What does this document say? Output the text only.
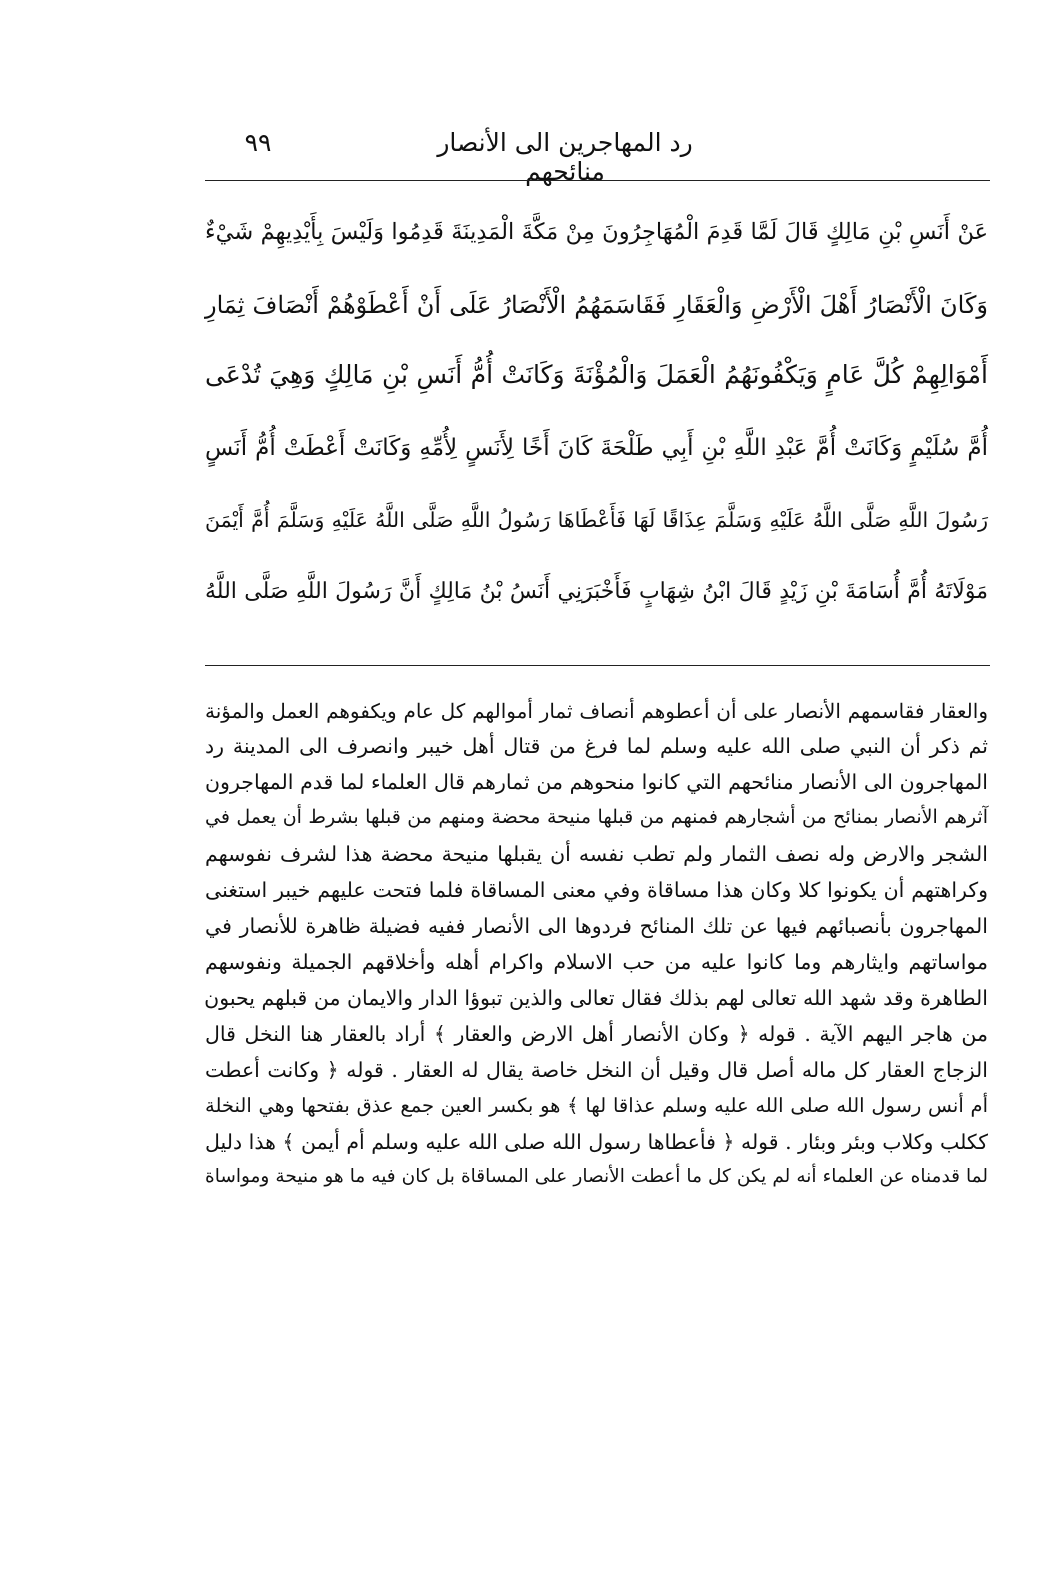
رد المهاجرين الى الأنصار منائحهم
٩٩
عَنْ أَنَسِ بْنِ مَالِكٍ قَالَ لَمَّا قَدِمَ الْمُهَاجِرُونَ مِنْ مَكَّةَ الْمَدِينَةَ قَدِمُوا وَلَيْسَ بِأَيْدِيهِمْ شَيْءٌ
وَكَانَ الْأَنْصَارُ أَهْلَ الْأَرْضِ وَالْعَقَارِ فَقَاسَمَهُمُ الْأَنْصَارُ عَلَى أَنْ أَعْطَوْهُمْ أَنْصَافَ ثِمَارِ
أَمْوَالِهِمْ كُلَّ عَامٍ وَيَكْفُونَهُمُ الْعَمَلَ وَالْمُؤْنَةَ وَكَانَتْ أُمُّ أَنَسِ بْنِ مَالِكٍ وَهِيَ تُدْعَى
أُمَّ سُلَيْمٍ وَكَانَتْ أُمَّ عَبْدِ اللَّهِ بْنِ أَبِي طَلْحَةَ كَانَ أَخًا لِأَنَسٍ لِأُمِّهِ وَكَانَتْ أَعْطَتْ أُمُّ أَنَسٍ
رَسُولَ اللَّهِ صَلَّى اللَّهُ عَلَيْهِ وَسَلَّمَ عِذَاقًا لَهَا فَأَعْطَاهَا رَسُولُ اللَّهِ صَلَّى اللَّهُ عَلَيْهِ وَسَلَّمَ أُمَّ أَيْمَنَ
مَوْلَاتَهُ أُمَّ أُسَامَةَ بْنِ زَيْدٍ قَالَ ابْنُ شِهَابٍ فَأَخْبَرَنِي أَنَسُ بْنُ مَالِكٍ أَنَّ رَسُولَ اللَّهِ صَلَّى اللَّهُ
والعقار فقاسمهم الأنصار على أن أعطوهم أنصاف ثمار أموالهم كل عام ويكفوهم العمل والمؤنة
ثم ذكر أن النبي صلى الله عليه وسلم لما فرغ من قتال أهل خيبر وانصرف الى المدينة رد
المهاجرون الى الأنصار منائحهم التي كانوا منحوهم من ثمارهم قال العلماء لما قدم المهاجرون
آثرهم الأنصار بمنائح من أشجارهم فمنهم من قبلها منيحة محضة ومنهم من قبلها بشرط أن يعمل في
الشجر والارض وله نصف الثمار ولم تطب نفسه أن يقبلها منيحة محضة هذا لشرف نفوسهم
وكراهتهم أن يكونوا كلا وكان هذا مساقاة وفي معنى المساقاة فلما فتحت عليهم خيبر استغنى
المهاجرون بأنصبائهم فيها عن تلك المنائح فردوها الى الأنصار ففيه فضيلة ظاهرة للأنصار في
مواساتهم وايثارهم وما كانوا عليه من حب الاسلام واكرام أهله وأخلاقهم الجميلة ونفوسهم
الطاهرة وقد شهد الله تعالى لهم بذلك فقال تعالى والذين تبوؤا الدار والايمان من قبلهم يحبون
من هاجر اليهم الآية . قوله ﴿ وكان الأنصار أهل الارض والعقار ﴾ أراد بالعقار هنا النخل قال
الزجاج العقار كل ماله أصل قال وقيل أن النخل خاصة يقال له العقار . قوله ﴿ وكانت أعطت
أم أنس رسول الله صلى الله عليه وسلم عذاقا لها ﴾ هو بكسر العين جمع عذق بفتحها وهي النخلة
ككلب وكلاب وبئر وبئار . قوله ﴿ فأعطاها رسول الله صلى الله عليه وسلم أم أيمن ﴾ هذا دليل
لما قدمناه عن العلماء أنه لم يكن كل ما أعطت الأنصار على المساقاة بل كان فيه ما هو منيحة ومواساة
